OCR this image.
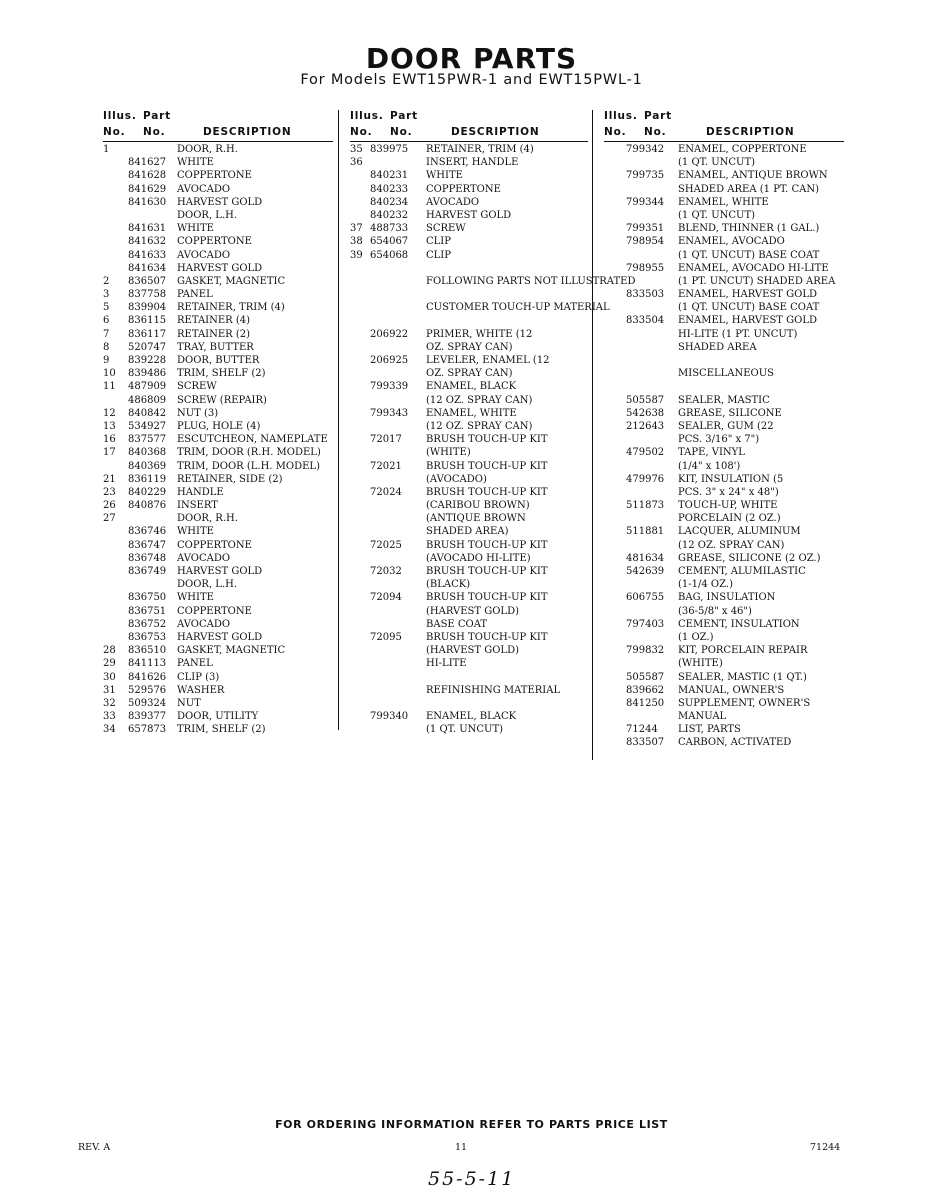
DOOR PARTS
For Models EWT15PWR-1 and EWT15PWL-1
Illus. Part
No. No.	DESCRIPTION
1	DOOR, R.H.
841627 WHITE
841628 COPPERTONE
841629 AVOCADO
841630 HARVEST GOLD
DOOR, L.H.
841631 WHITE
841632 COPPERTONE
841633 AVOCADO
841634 HARVEST GOLD
2 836507 GASKET, MAGNETIC
3 837758 PANEL
5 839904 RETAINER, TRIM (4)
6 836115 RETAINER (4)
7 836117 RETAINER (2)
8 520747 TRAY, BUTTER
9 839228 DOOR, BUTTER
10 839486 TRIM, SHELF (2)
11 487909 SCREW
486809 SCREW (REPAIR)
12 840842 NUT (3)
13 534927 PLUG, HOLE (4)
16 837577 ESCUTCHEON, NAMEPLATE
17 840368 TRIM, DOOR (R.H. MODEL)
840369 TRIM, DOOR (L.H. MODEL)
21 836119 RETAINER, SIDE (2)
23 840229 HANDLE
26 840876 INSERT
27	DOOR, R.H.
836746 WHITE
836747 COPPERTONE
836748 AVOCADO
836749 HARVEST GOLD
DOOR, L.H.
836750 WHITE
836751 COPPERTONE
836752 AVOCADO
836753 HARVEST GOLD
28 836510 GASKET, MAGNETIC
29 841113 PANEL
30 841626 CLIP (3)
31 529576 WASHER
32 509324 NUT
33 839377 DOOR, UTILITY
34 657873 TRIM, SHELF (2)
Illus. Part
No. No.	DESCRIPTION
35 839975 RETAINER, TRIM (4)
36	INSERT, HANDLE
840231 WHITE
840233 COPPERTONE
840234 AVOCADO
840232 HARVEST GOLD
37 488733 SCREW
38 654067 CLIP
39 654068 CLIP
FOLLOWING PARTS NOT ILLUSTRATED
CUSTOMER TOUCH-UP MATERIAL
206922 PRIMER, WHITE (12
OZ. SPRAY CAN)
206925 LEVELER, ENAMEL (12
OZ. SPRAY CAN)
799339 ENAMEL, BLACK
(12 OZ. SPRAY CAN)
799343 ENAMEL, WHITE
(12 OZ. SPRAY CAN)
72017 BRUSH TOUCH-UP KIT
(WHITE)
72021 BRUSH TOUCH-UP KIT
(AVOCADO)
72024 BRUSH TOUCH-UP KIT
(CARIBOU BROWN)
(ANTIQUE BROWN
SHADED AREA)
72025 BRUSH TOUCH-UP KIT
(AVOCADO HI-LITE)
72032 BRUSH TOUCH-UP KIT
(BLACK)
72094 BRUSH TOUCH-UP KIT
(HARVEST GOLD)
BASE COAT
72095 BRUSH TOUCH-UP KIT
(HARVEST GOLD)
HI-LITE
REFINISHING MATERIAL
799340 ENAMEL, BLACK
(1 QT. UNCUT)
Illus. Part
No. No.	DESCRIPTION
799342 ENAMEL, COPPERTONE
(1 QT. UNCUT)
799735 ENAMEL, ANTIQUE BROWN
SHADED AREA (1 PT. CAN)
799344 ENAMEL, WHITE
(1 QT. UNCUT)
799351 BLEND, THINNER (1 GAL.)
798954 ENAMEL, AVOCADO
(1 QT. UNCUT) BASE COAT
798955 ENAMEL, AVOCADO HI-LITE
(1 PT. UNCUT) SHADED AREA
833503 ENAMEL, HARVEST GOLD
(1 QT. UNCUT) BASE COAT
833504 ENAMEL, HARVEST GOLD
HI-LITE (1 PT. UNCUT)
SHADED AREA
MISCELLANEOUS
505587 SEALER, MASTIC
542638 GREASE, SILICONE
212643 SEALER, GUM (22
PCS. 3/16" x 7")
479502 TAPE, VINYL
(1/4" x 108')
479976 KIT, INSULATION (5
PCS. 3" x 24" x 48")
511873 TOUCH-UP, WHITE
PORCELAIN (2 OZ.)
511881 LACQUER, ALUMINUM
(12 OZ. SPRAY CAN)
481634 GREASE, SILICONE (2 OZ.)
542639 CEMENT, ALUMILASTIC
(1-1/4 OZ.)
606755 BAG, INSULATION
(36-5/8" x 46")
797403 CEMENT, INSULATION
(1 OZ.)
799832 KIT, PORCELAIN REPAIR
(WHITE)
505587 SEALER, MASTIC (1 QT.)
839662 MANUAL, OWNER'S
841250 SUPPLEMENT, OWNER'S
MANUAL
71244 LIST, PARTS
833507 CARBON, ACTIVATED
FOR ORDERING INFORMATION REFER TO PARTS PRICE LIST
REV. A	11	71244
55-5-11
